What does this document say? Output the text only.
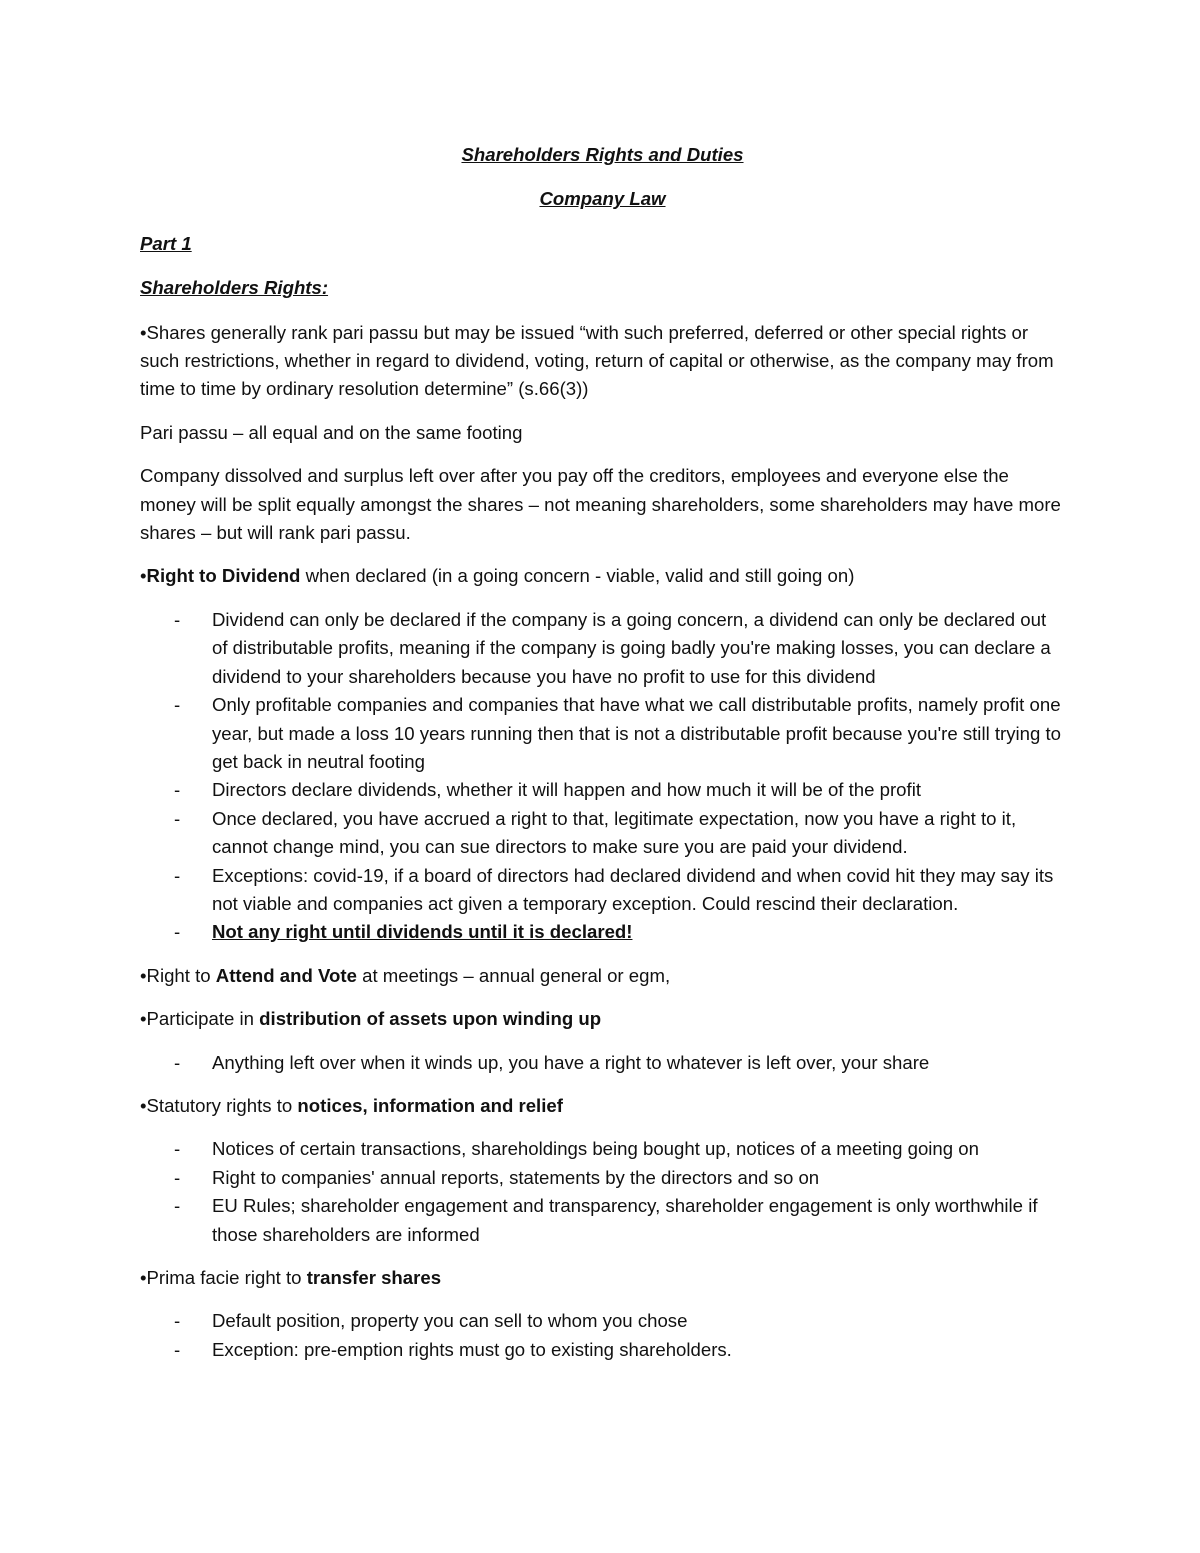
Shareholders Rights and Duties

Company Law

Part 1

Shareholders Rights:

•Shares generally rank pari passu but may be issued “with such preferred, deferred or other special rights or such restrictions, whether in regard to dividend, voting, return of capital or otherwise, as the company may from time to time by ordinary resolution determine” (s.66(3))

Pari passu – all equal and on the same footing

Company dissolved and surplus left over after you pay off the creditors, employees and everyone else the money will be split equally amongst the shares – not meaning shareholders, some shareholders may have more shares – but will rank pari passu.

•Right to Dividend when declared (in a going concern - viable, valid and still going on)

- Dividend can only be declared if the company is a going concern, a dividend can only be declared out of distributable profits, meaning if the company is going badly you're making losses, you can declare a dividend to your shareholders because you have no profit to use for this dividend
- Only profitable companies and companies that have what we call distributable profits, namely profit one year, but made a loss 10 years running then that is not a distributable profit because you're still trying to get back in neutral footing
- Directors declare dividends, whether it will happen and how much it will be of the profit
- Once declared, you have accrued a right to that, legitimate expectation, now you have a right to it, cannot change mind, you can sue directors to make sure you are paid your dividend.
- Exceptions: covid-19, if a board of directors had declared dividend and when covid hit they may say its not viable and companies act given a temporary exception. Could rescind their declaration.
- Not any right until dividends until it is declared!

•Right to Attend and Vote at meetings – annual general or egm,

•Participate in distribution of assets upon winding up

- Anything left over when it winds up, you have a right to whatever is left over, your share

•Statutory rights to notices, information and relief

- Notices of certain transactions, shareholdings being bought up, notices of a meeting going on
- Right to companies' annual reports, statements by the directors and so on
- EU Rules; shareholder engagement and transparency, shareholder engagement is only worthwhile if those shareholders are informed

•Prima facie right to transfer shares

- Default position, property you can sell to whom you chose
- Exception: pre-emption rights must go to existing shareholders.
